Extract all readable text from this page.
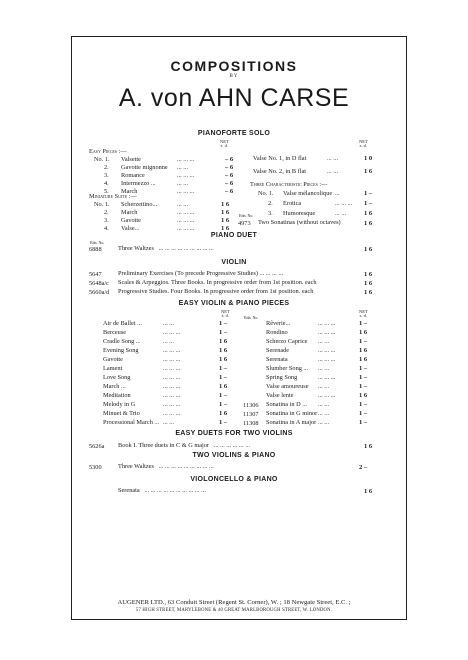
COMPOSITIONS
BY
A. von AHN CARSE
PIANOFORTE SOLO
NET
s. d.
NET
s. d.
Easy Pieces :—
No. 1. Valsette	... ... ...	– 6
2. Gavotte mignonne ... ...	– 6
3. Romance	... ... ...	– 6
4. Intermezzo ...	... ...	– 6
5. March	... ... ...	– 6
Miniature Suite :—
No. 1. Scherzettino...	... ...	1 6
2. March	... ... ...	1 6
3. Gavotte	... ... ...	1 6
4. Valse...	... ... ...	1 6
Valse No. 1, in D flat	... ...	1 0
Valse No. 2, in B flat	... ...	1 6
Three Characteristic Pieces :—
No. 1. Valse mélancolique ...	1 –
2. Erotica	... ... ... 1 –
3. Humoresque	... ...	1 6
Edn. No.
4973 Two Sonatinas (without octaves)	1 6
PIANO DUET
Edn. No.
6888	Three Waltzes ... ... ... ... ... ... ... ... ...	1 6
VIOLIN
5647	Preliminary Exercises (To precede Progressive Studies) ... ... ... ...	1 6
5648a/c Scales & Arpeggios. Three Books. In progressive order from 1st position. each	1 6
5660a/d Progressive Studies. Four Books. In progressive order from 1st position. each	1 6
EASY VIOLIN & PIANO PIECES
NET
s. d.
NET
s. d.
Edn. No.
Air de Ballet ...	... ...	1 –
Berceuse	... ... ...	1 –
Cradle Song ...	... ...	1 6
Evening Song	... ... ...	1 6
Gavotte	... ... ...	1 6
Lament	... ... ...	1 –
Love Song	... ... ...	1 –
March ...	... ... ...	1 6
Meditation	... ... ...	1 –
Melody in G	... ... ...	1 –
Minuet & Trio	... ... ...	1 6
Processional March ... ... ...	1 –
Rêverie...	... ... ...	1 –
Rondino	... ... ...	1 6
Scherzo Caprice ... ...	1 –
Serenade	... ... ...	1 6
Serenata	... ... ...	1 6
Slumber Song ... ... ...	1 –
Spring Song	... ... ...	1 –
Valse amoureuse ... ...	1 –
Valse lente	... ... ...	1 6
11306 Sonatina in D ... ... ...	1 –
11307 Sonatina in G minor ... ...	1 –
11308 Sonatina in A major ... ...	1 –
EASY DUETS FOR TWO VIOLINS
5626a Book I. Three duets in C & G major ... ... ... ... ... ...	1 6
TWO VIOLINS & PIANO
5300	Three Waltzes ... ... ... ... ... ... ... ... ...	2 –
VIOLONCELLO & PIANO
Serenata ... ... ... ... ... ... ... ... ... ...	1 6
AUGENER LTD., 63 Conduit Street (Regent St. Corner), W. ; 18 Newgate Street, E.C. ;
57 HIGH STREET, MARYLEBONE & 40 GREAT MARLBOROUGH STREET, W. LONDON.
